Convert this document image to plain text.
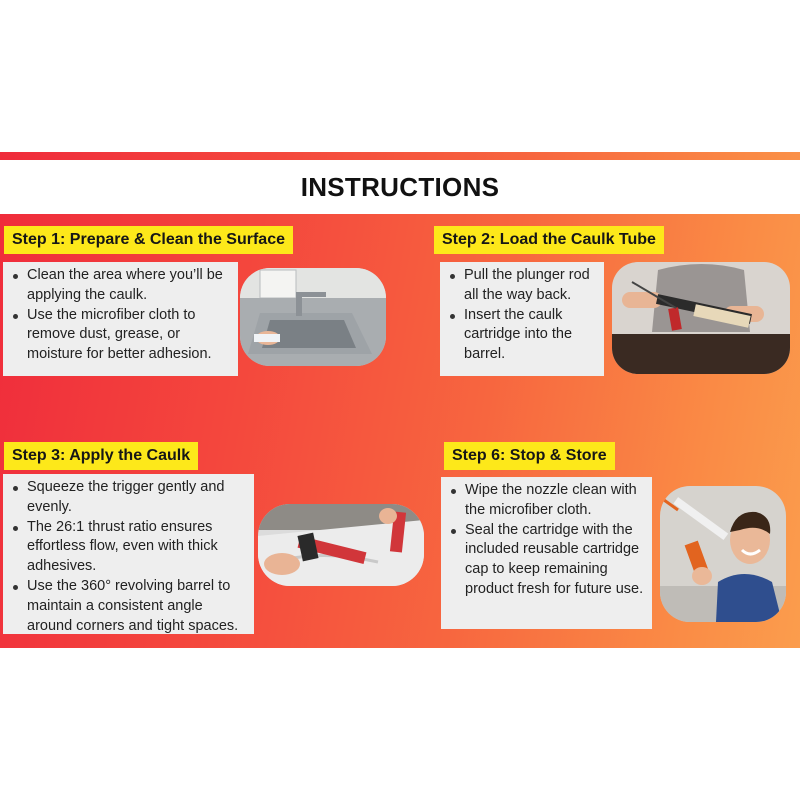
INSTRUCTIONS
Step 1: Prepare & Clean the Surface
Clean the area where you’ll be applying the caulk.
Use the microfiber cloth to remove dust, grease, or moisture for better adhesion.
Step 2: Load the Caulk Tube
Pull the plunger rod all the way back.
Insert the caulk cartridge into the barrel.
Step 3: Apply the Caulk
Squeeze the trigger gently and evenly.
The 26:1 thrust ratio ensures effortless flow, even with thick adhesives.
Use the 360° revolving barrel to maintain a consistent angle around corners and tight spaces.
Step 6: Stop & Store
Wipe the nozzle clean with the microfiber cloth.
Seal the cartridge with the included reusable cartridge cap to keep remaining product fresh for future use.
